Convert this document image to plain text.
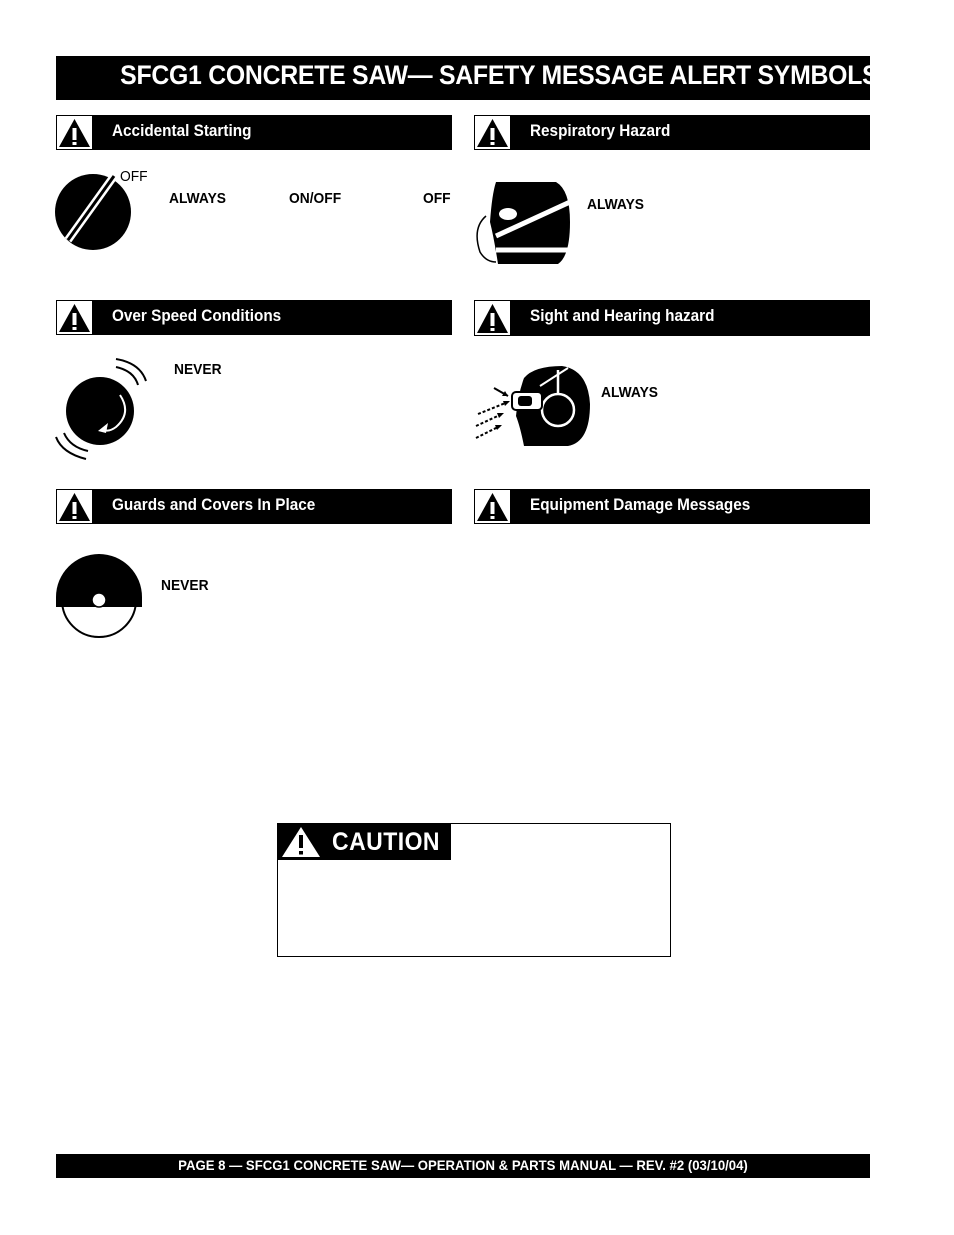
SFCG1 CONCRETE SAW— SAFETY MESSAGE ALERT SYMBOLS
Accidental Starting
OFF
ALWAYS	ON/OFF	OFF
Respiratory Hazard
ALWAYS
Over Speed Conditions
NEVER
Sight and Hearing hazard
ALWAYS
Guards and Covers In Place
NEVER
Equipment Damage Messages
CAUTION
PAGE 8 — SFCG1 CONCRETE SAW— OPERATION & PARTS MANUAL — REV. #2 (03/10/04)
